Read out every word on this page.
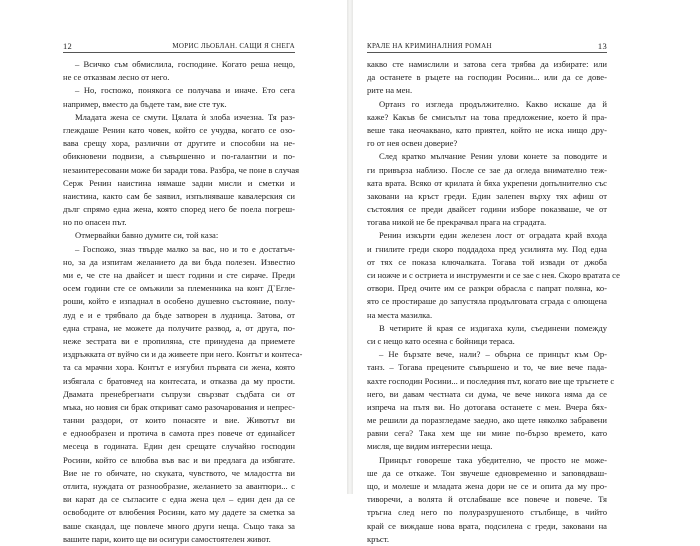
12	МОРИС ЛЬОБЛАН. САЩИ Я СНЕГА
– Всичко съм обмислила, господине. Когато реша нещо,
не се отказвам лесно от него.
– Но, госпожо, понякога се получава и иначе. Ето сега
например, вместо да бъдете там, вие сте тук.
Младата жена се смути. Цялата ѝ злоба изчезна. Тя раз-
глеждаше Ренин като човек, който се учудва, когато се озо-
вава срещу хора, различни от другите и способни на не-
обикновени подвизи, а съвършенно и по-галантни и по-
незаинтересовани може би заради това. Разбра, че поне в случая
Серж Ренин наистина нямаше задни мисли и сметки и
наистина, както сам бе заявил, изпълняваше кавалерския си
дълг спрямо една жена, която според него бе поела погреш-
но по опасен път.
Отмервайки бавно думите си, той каза:
– Госпожо, зназ твърде малко за вас, но и то е достатъч-
но, за да изпитам желанието да ви бъда полезен. Известно
ми е, че сте на двайсет и шест години и сте сираче. Преди
осем години сте се омъжили за племенника на конт Д`Егле-
роши, който е изпаднал в особено душевно състояние, полу-
луд е и е трябвало да бъде затворен в лудница. Затова, от
една страна, не можете да получите развод, а, от друга, по-
неже зестрата ви е пропиляна, сте принудена да приемете
издръжката от вуйчо си и да живеете при него. Контът и контеса-
та са мрачни хора. Контът е изгубил първата си жена, която
избягала с братовчед на контесата, и отказва да му прости.
Двамата пренебрегнати съпрузи свързват съдбата си от
мъка, но новия си брак откриват само разочарования и непрес-
танни раздори, от които понасяте и вие. Животът ви
е еднообразен и протича в самота през повече от единайсет
месеца в годината. Един ден срещате случайно господин
Росини, който се влюбва във вас и ви предлага да избягате.
Вие не го обичате, но скуката, чувството, че младостта ви
отлита, нуждата от разнообразие, желанието за авантюри... с
ви карат да се съгласите с една жена цел – един ден да се
освободите от влюбения Росини, като му дадете за сметка за
ваше скандал, ще повлече много други неща. Също така за
вашите пари, които ще ви осигури самостоятелен живот.
КРАЛЕ НА КРИМИНАЛНИЯ РОМАН	13
какво сте намислили и затова сега трябва да избирате: или
да останете в ръцете на господин Росини... или да се дове-
рите на мен.
Ортанз го изгледа продължително. Какво искаше да й
каже? Какъв бе смисълът на това предложение, което й пра-
веше така неочаквано, като приятел, който не иска нищо дру-
го от нея освен доверие?
След кратко мълчание Ренин улови конете за поводите и
ги привърза наблизо. После се зае да огледа внимателно теж-
ката врата. Всяко от крилата ѝ бяха укрепени допълнително със
заковани на кръст греди. Един залепен върху тях афиш от
състоялия се преди двайсет години изборе показваше, че от
тогава никой не бе прекрачвал прага на сградата.
Ренин изкърти един железен лост от оградата край входа
и гнилите греди скоро поддадоха пред усилията му. Под една
от тях се показа ключалката. Тогава той извади от джоба
си ножче и с остриета и инструменти и се зае с нея. Скоро вратата се
отвори. Пред очите им се разкри обрасла с папрат поляна, ко-
ято се простираше до запустяла продълговата сграда с олющена
на места мазилка.
В четирите й края се издигаха кули, съединени помежду
си с нещо като осеяна с бойници тераса.
– Не бързате вече, нали? – обърна се принцът към Ор-
танз. – Тогава прецените съвършено и то, че вие вече пада-
кахте господин Росини... и последния път, когато вие ще тръгнете с
него, ви давам честната си дума, че вече никога няма да се
изпреча на пътя ви. Но дотогава останете с мен. Вчера бях-
ме решили да поразгледаме заедно, ако щете няколко забравени
равни сега? Така хем ще ни мине по-бързо времето, като
мисля, ще видим интересни неща.
Принцът говореше така убедително, че просто не може-
ше да се откаже. Тон звучеше едновременно и заповядваш-
що, и молеше и младата жена дори не се и опита да му про-
тиворечи, а волята й отслабваше все повече и повече. Тя
тръгна след него по полуразрушеното стълбище, в чийто
край се виждаше нова врата, подсилена с греди, заковани на
кръст.
